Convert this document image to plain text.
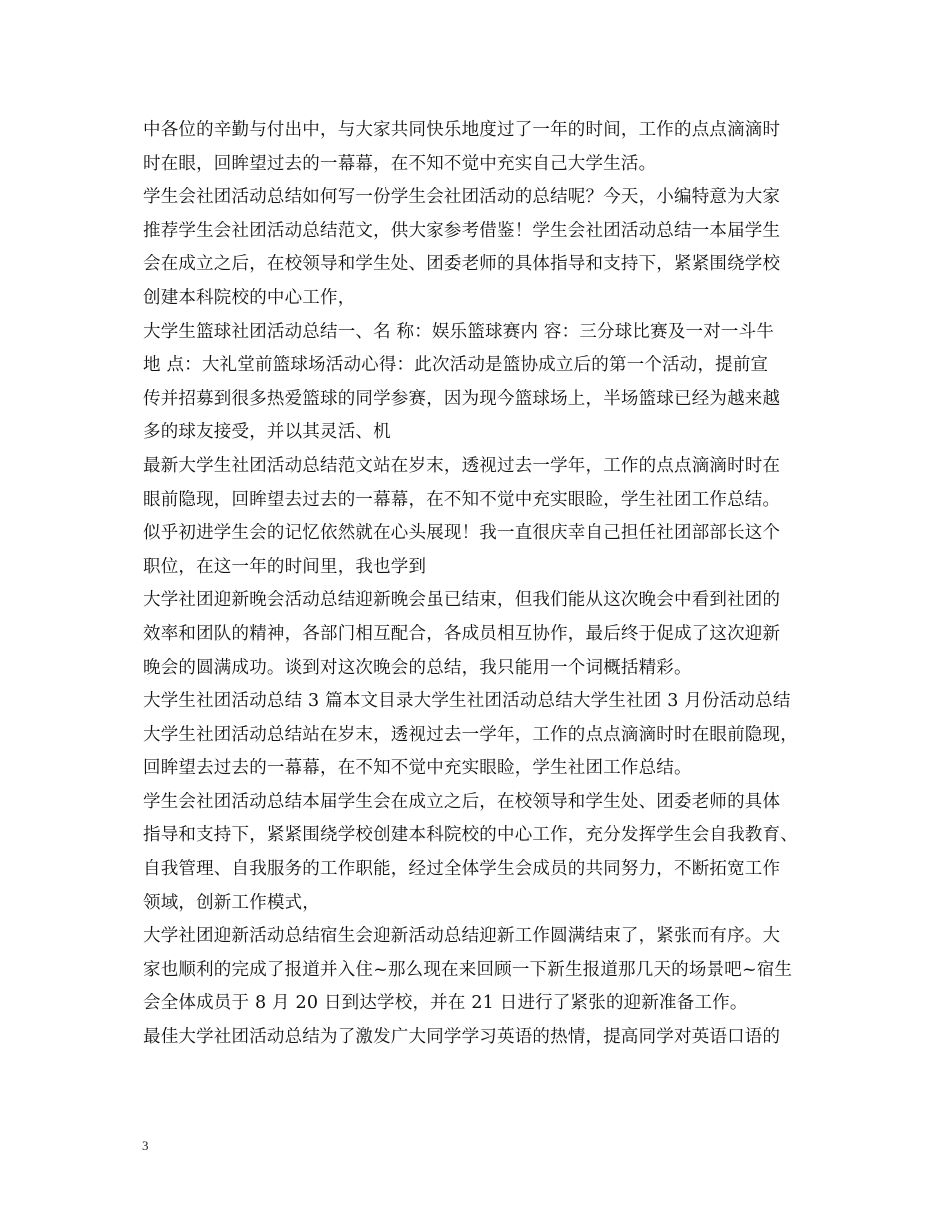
中各位的辛勤与付出中，与大家共同快乐地度过了一年的时间，工作的点点滴滴时
时在眼，回眸望过去的一幕幕，在不知不觉中充实自己大学生活。
学生会社团活动总结如何写一份学生会社团活动的总结呢？今天，小编特意为大家
推荐学生会社团活动总结范文，供大家参考借鉴！学生会社团活动总结一本届学生
会在成立之后，在校领导和学生处、团委老师的具体指导和支持下，紧紧围绕学校
创建本科院校的中心工作，
大学生篮球社团活动总结一、名 称：娱乐篮球赛内 容：三分球比赛及一对一斗牛
地 点：大礼堂前篮球场活动心得：此次活动是篮协成立后的第一个活动，提前宣
传并招募到很多热爱篮球的同学参赛，因为现今篮球场上，半场篮球已经为越来越
多的球友接受，并以其灵活、机
最新大学生社团活动总结范文站在岁末，透视过去一学年，工作的点点滴滴时时在
眼前隐现，回眸望去过去的一幕幕，在不知不觉中充实眼睑，学生社团工作总结。
似乎初进学生会的记忆依然就在心头展现！我一直很庆幸自己担任社团部部长这个
职位，在这一年的时间里，我也学到
大学社团迎新晚会活动总结迎新晚会虽已结束，但我们能从这次晚会中看到社团的
效率和团队的精神，各部门相互配合，各成员相互协作，最后终于促成了这次迎新
晚会的圆满成功。谈到对这次晚会的总结，我只能用一个词概括精彩。
大学生社团活动总结 3 篇本文目录大学生社团活动总结大学生社团 3 月份活动总结
大学生社团活动总结站在岁末，透视过去一学年，工作的点点滴滴时时在眼前隐现，
回眸望去过去的一幕幕，在不知不觉中充实眼睑，学生社团工作总结。
学生会社团活动总结本届学生会在成立之后，在校领导和学生处、团委老师的具体
指导和支持下，紧紧围绕学校创建本科院校的中心工作，充分发挥学生会自我教育、
自我管理、自我服务的工作职能，经过全体学生会成员的共同努力，不断拓宽工作
领域，创新工作模式，
大学社团迎新活动总结宿生会迎新活动总结迎新工作圆满结束了，紧张而有序。大
家也顺利的完成了报道并入住~那么现在来回顾一下新生报道那几天的场景吧~宿生
会全体成员于 8 月 20 日到达学校，并在 21 日进行了紧张的迎新准备工作。
最佳大学社团活动总结为了激发广大同学学习英语的热情，提高同学对英语口语的
3
